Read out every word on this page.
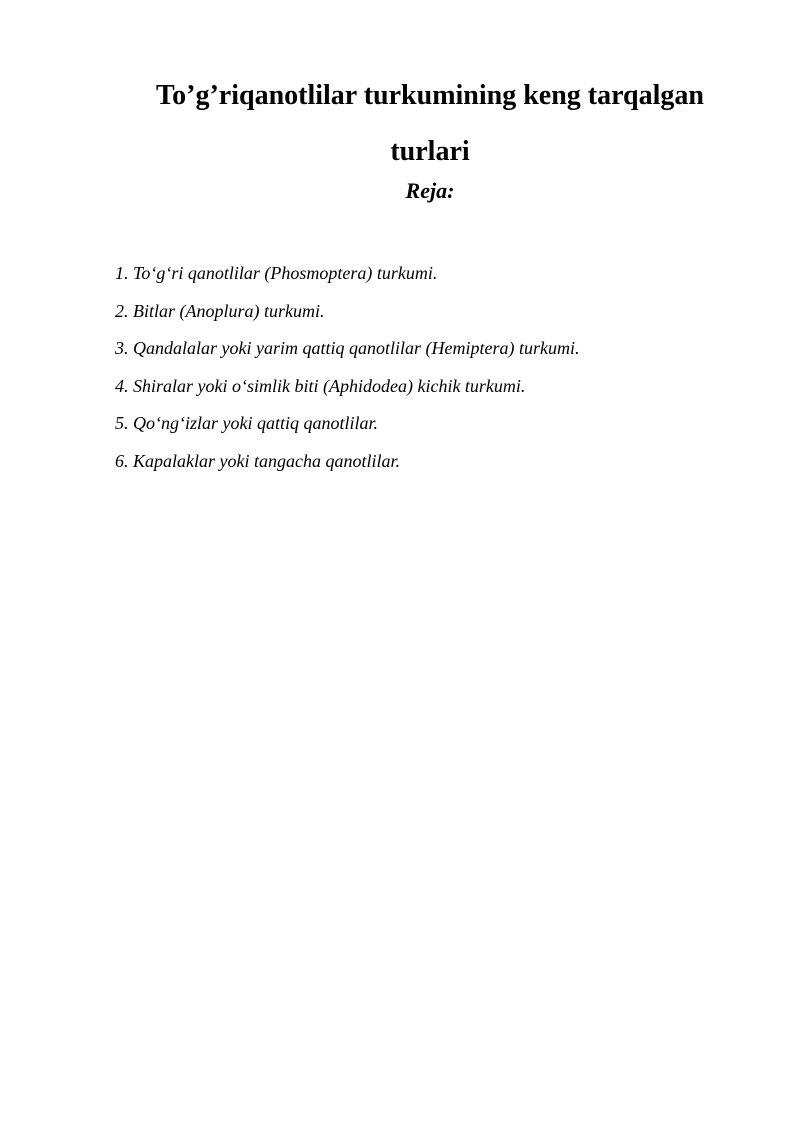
To’g’riqanotlilar turkumining keng tarqalgan turlari
Reja:
1. To‘g‘ri qanotlilar (Phosmoptera) turkumi.
2. Bitlar (Anoplura) turkumi.
3. Qandalalar yoki yarim qattiq qanotlilar (Hemiptera) turkumi.
4. Shiralar yoki o‘simlik biti (Aphidodea) kichik turkumi.
5. Qo‘ng‘izlar yoki qattiq qanotlilar.
6. Kapalaklar yoki tangacha qanotlilar.
